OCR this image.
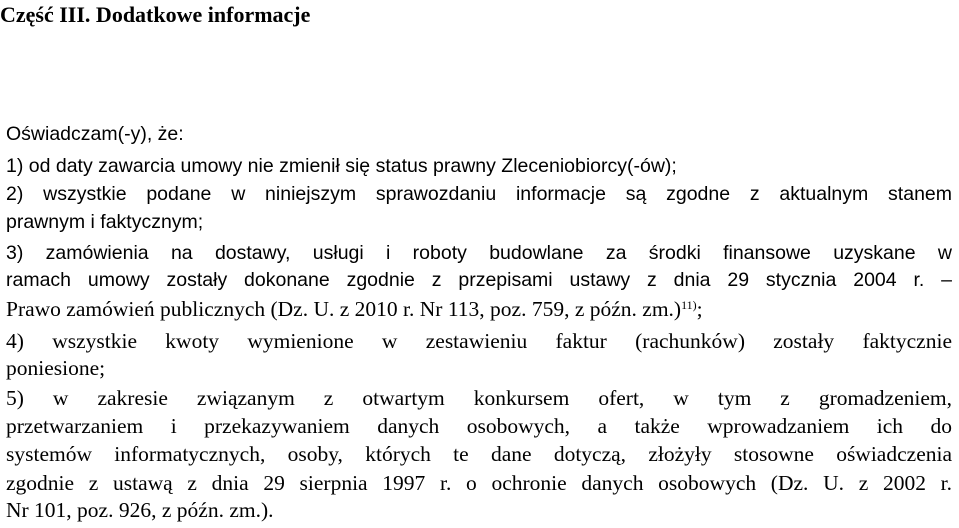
Część III. Dodatkowe informacje
Oświadczam(-y), że:
1) od daty zawarcia umowy nie zmienił się status prawny Zleceniobiorcy(-ów);
2) wszystkie podane w niniejszym sprawozdaniu informacje są zgodne z aktualnym stanem
prawnym i faktycznym;
3) zamówienia na dostawy, usługi i roboty budowlane za środki finansowe uzyskane w
ramach umowy zostały dokonane zgodnie z przepisami ustawy z dnia 29 stycznia 2004 r. –
Prawo zamówień publicznych (Dz. U. z 2010 r. Nr 113, poz. 759, z późn. zm.)$^{11)}$;
4) wszystkie kwoty wymienione w zestawieniu faktur (rachunków) zostały faktycznie
poniesione;
5) w zakresie związanym z otwartym konkursem ofert, w tym z gromadzeniem,
przetwarzaniem i przekazywaniem danych osobowych, a także wprowadzaniem ich do
systemów informatycznych, osoby, których te dane dotyczą, złożyły stosowne oświadczenia
zgodnie z ustawą z dnia 29 sierpnia 1997 r. o ochronie danych osobowych (Dz. U. z 2002 r.
Nr 101, poz. 926, z późn. zm.).
